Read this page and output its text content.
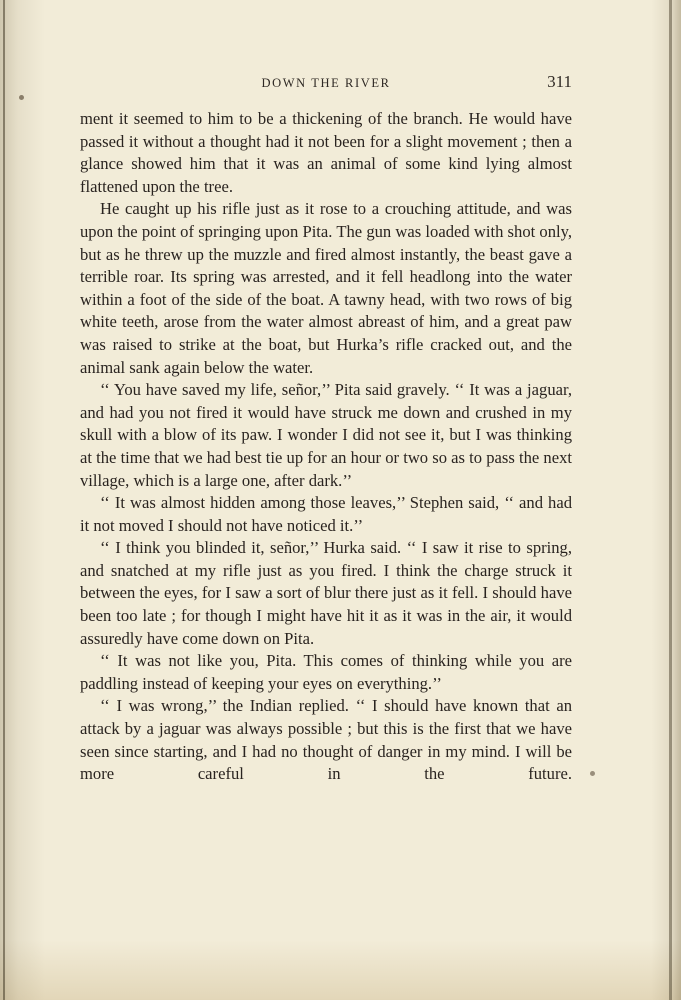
DOWN THE RIVER	311

ment it seemed to him to be a thickening of the branch. He would have passed it without a thought had it not been for a slight movement ; then a glance showed him that it was an animal of some kind lying almost flattened upon the tree.

He caught up his rifle just as it rose to a crouching attitude, and was upon the point of springing upon Pita. The gun was loaded with shot only, but as he threw up the muzzle and fired almost instantly, the beast gave a terrible roar. Its spring was arrested, and it fell headlong into the water within a foot of the side of the boat. A tawny head, with two rows of big white teeth, arose from the water almost abreast of him, and a great paw was raised to strike at the boat, but Hurka’s rifle cracked out, and the animal sank again below the water.

‘‘ You have saved my life, señor,’’ Pita said gravely. ‘‘ It was a jaguar, and had you not fired it would have struck me down and crushed in my skull with a blow of its paw. I wonder I did not see it, but I was thinking at the time that we had best tie up for an hour or two so as to pass the next village, which is a large one, after dark.’’

‘‘ It was almost hidden among those leaves,’’ Stephen said, ‘‘ and had it not moved I should not have noticed it.’’

‘‘ I think you blinded it, señor,’’ Hurka said. ‘‘ I saw it rise to spring, and snatched at my rifle just as you fired. I think the charge struck it between the eyes, for I saw a sort of blur there just as it fell. I should have been too late ; for though I might have hit it as it was in the air, it would assuredly have come down on Pita.

‘‘ It was not like you, Pita. This comes of thinking while you are paddling instead of keeping your eyes on everything.’’

‘‘ I was wrong,’’ the Indian replied. ‘‘ I should have known that an attack by a jaguar was always possible ; but this is the first that we have seen since starting, and I had no thought of danger in my mind. I will be more careful in the future.
